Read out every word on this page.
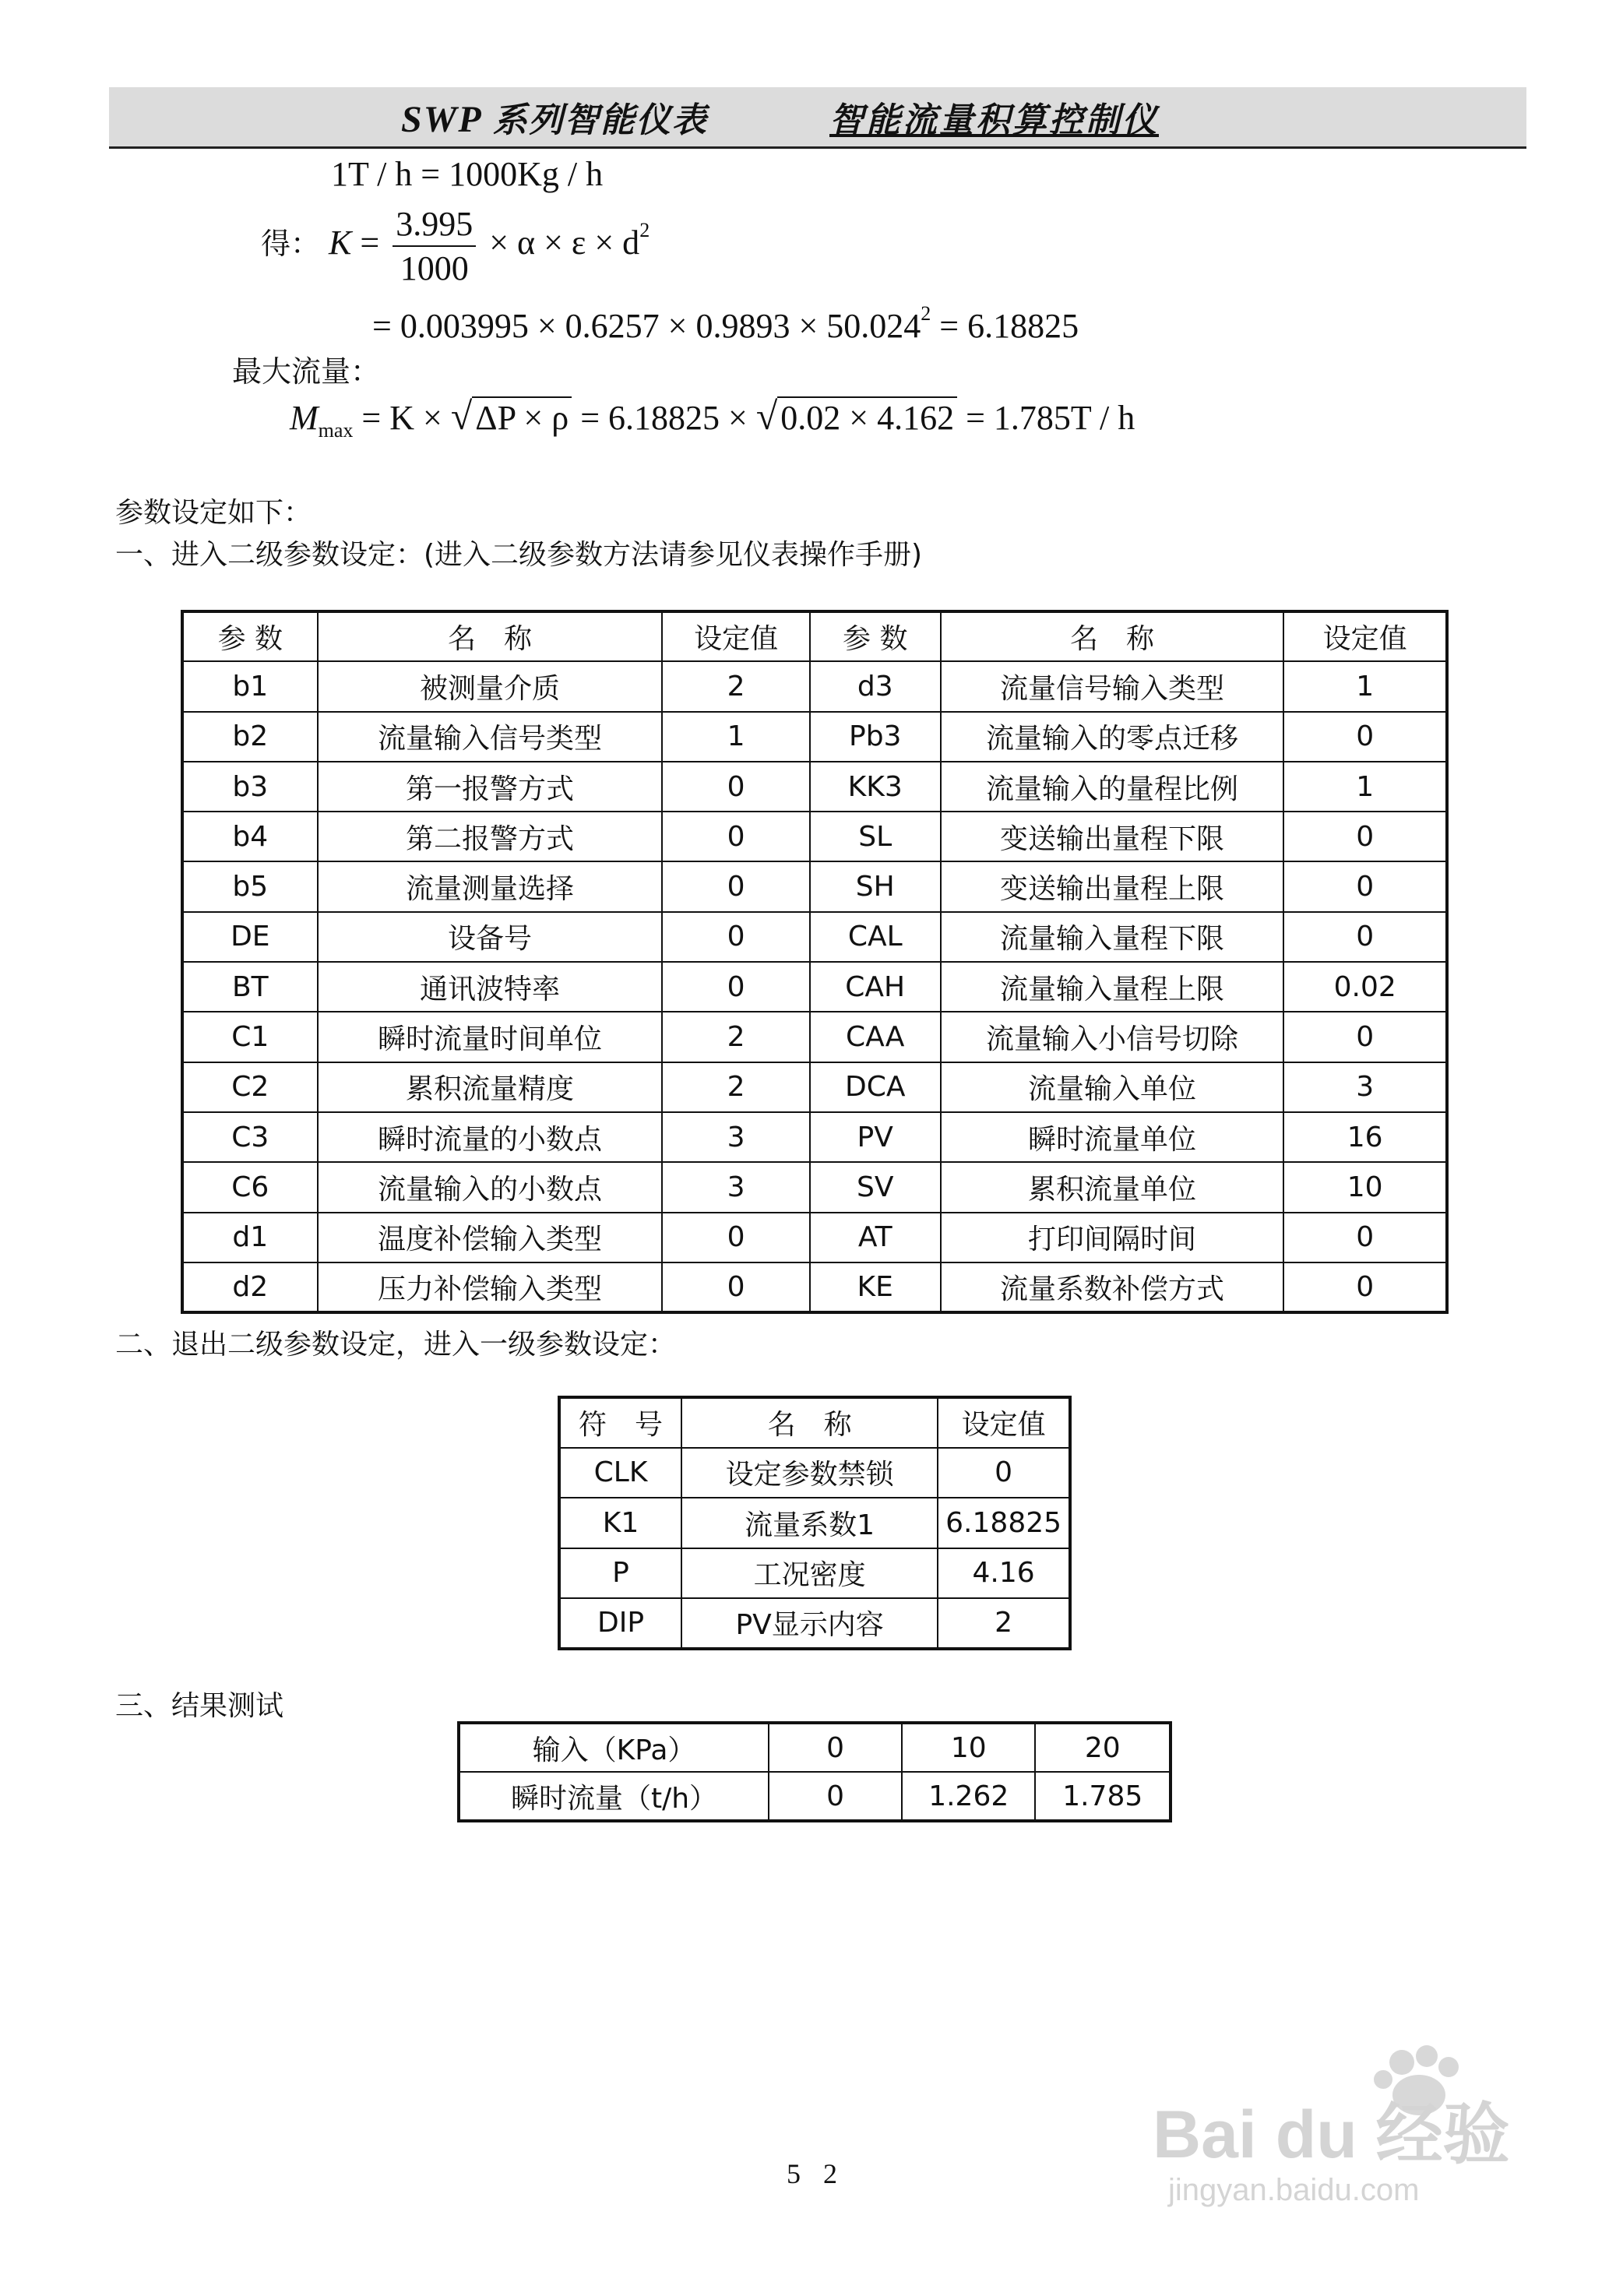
SWP 系列智能仪表	智能流量积算控制仪
1T / h = 1000Kg / h
得： $K = \frac{3.995}{1000} \times \alpha \times \varepsilon \times d^2$
= $0.003995 \times 0.6257 \times 0.9893 \times 50.024^2 = 6.18825$
最大流量：
$M_{max} = K \times √\Delta P \times \rho = 6.18825 \times √0.02 \times 4.162 = 1.785T / h$
参数设定如下：
一、进入二级参数设定：(进入二级参数方法请参见仪表操作手册)
参 数	名　称	设定值	参 数	名　称	设定值
b1	被测量介质	2	d3	流量信号输入类型	1
b2	流量输入信号类型	1	Pb3	流量输入的零点迁移	0
b3	第一报警方式	0	KK3	流量输入的量程比例	1
b4	第二报警方式	0	SL	变送输出量程下限	0
b5	流量测量选择	0	SH	变送输出量程上限	0
DE	设备号	0	CAL	流量输入量程下限	0
BT	通讯波特率	0	CAH	流量输入量程上限	0.02
C1	瞬时流量时间单位	2	CAA	流量输入小信号切除	0
C2	累积流量精度	2	DCA	流量输入单位	3
C3	瞬时流量的小数点	3	PV	瞬时流量单位	16
C6	流量输入的小数点	3	SV	累积流量单位	10
d1	温度补偿输入类型	0	AT	打印间隔时间	0
d2	压力补偿输入类型	0	KE	流量系数补偿方式	0
二、退出二级参数设定，进入一级参数设定：
符　号	名　称	设定值
CLK	设定参数禁锁	0
K1	流量系数1	6.18825
P	工况密度	4.16
DIP	PV显示内容	2
三、结果测试
输入（KPa）	0	10	20
瞬时流量（t/h）	0	1.262	1.785
5 2
Bai du 经验
jingyan.baidu.com
